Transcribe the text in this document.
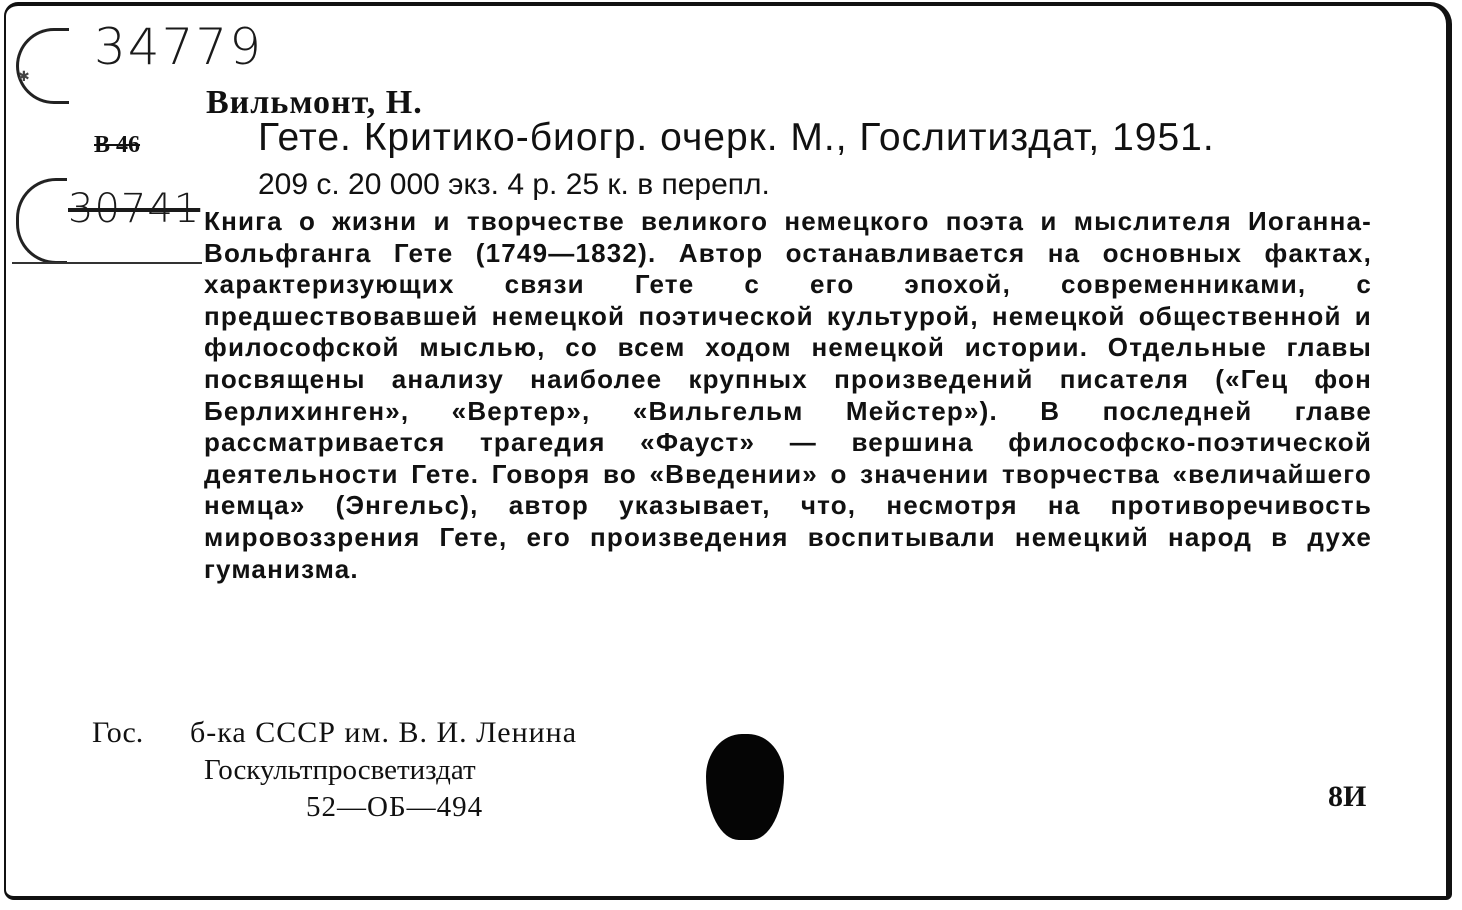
✱ 34779
Вильмонт, Н.
В 46	Гете. Критико-биогр. очерк. М., Гослитиздат, 1951.
209 с. 20 000 экз. 4 р. 25 к. в перепл.
30741 Книга о жизни и творчестве великого немецкого поэта и мыслителя Иоганна-Вольфганга Гете (1749—1832). Автор останавливается на основных фактах, характеризующих связи Гете с его эпохой, современниками, с предшествовавшей немецкой поэтической культурой, немецкой общественной и философской мыслью, со всем ходом немецкой истории. Отдельные главы посвящены анализу наиболее крупных произведений писателя («Гец фон Берлихинген», «Вертер», «Вильгельм Мейстер»). В последней главе рассматривается трагедия «Фауст» — вершина философско-поэтической деятельности Гете. Говоря во «Введении» о значении творчества «величайшего немца» (Энгельс), автор указывает, что, несмотря на противоречивость мировоззрения Гете, его произведения воспитывали немецкий народ в духе гуманизма.
Гос. б-ка СССР им. В. И. Ленина
Госкультпросветиздат
52—ОБ—494	8И
